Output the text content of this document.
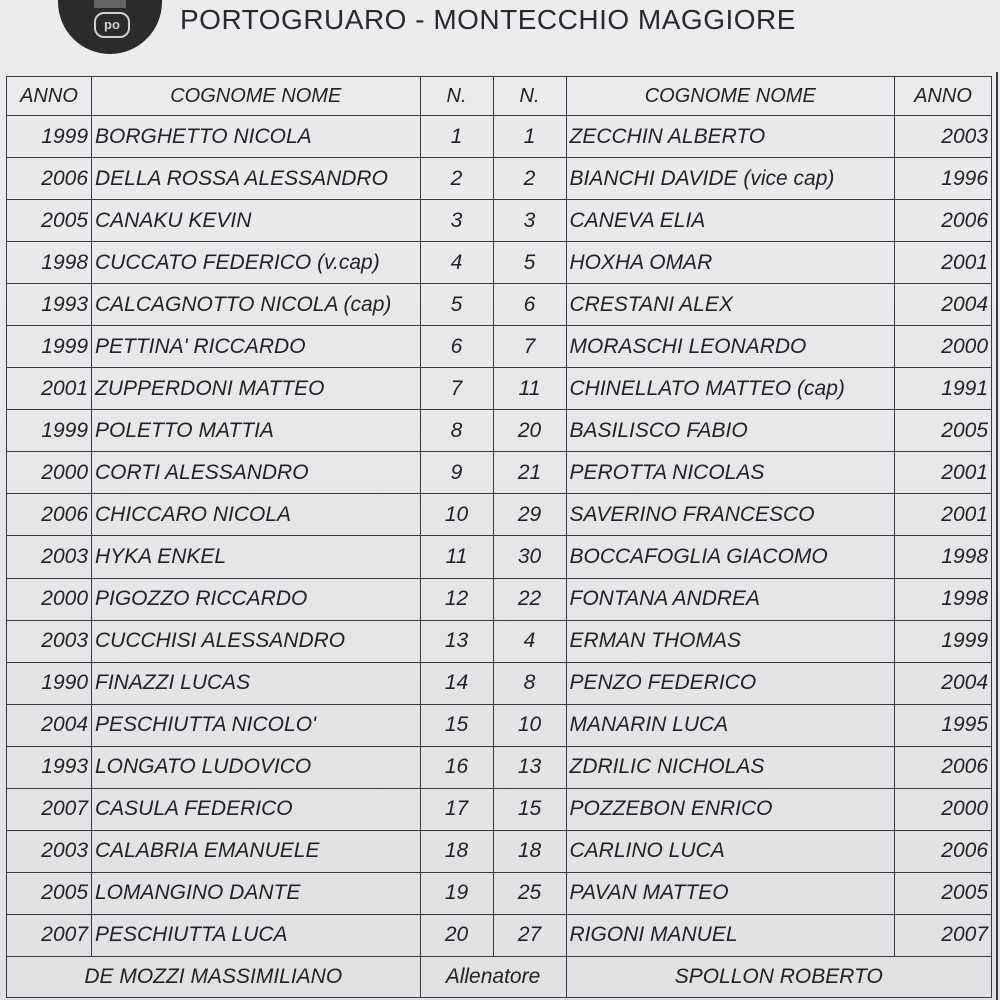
po	PORTOGRUARO - MONTECCHIO MAGGIORE
ANNO	COGNOME NOME	N.	N.	COGNOME NOME	ANNO
1999	BORGHETTO NICOLA	1	1	ZECCHIN ALBERTO	2003
2006	DELLA ROSSA ALESSANDRO	2	2	BIANCHI DAVIDE (vice cap)	1996
2005	CANAKU KEVIN	3	3	CANEVA ELIA	2006
1998	CUCCATO FEDERICO (v.cap)	4	5	HOXHA OMAR	2001
1993	CALCAGNOTTO NICOLA (cap)	5	6	CRESTANI ALEX	2004
1999	PETTINA' RICCARDO	6	7	MORASCHI LEONARDO	2000
2001	ZUPPERDONI MATTEO	7	11	CHINELLATO MATTEO (cap)	1991
1999	POLETTO MATTIA	8	20	BASILISCO FABIO	2005
2000	CORTI ALESSANDRO	9	21	PEROTTA NICOLAS	2001
2006	CHICCARO NICOLA	10	29	SAVERINO FRANCESCO	2001
2003	HYKA ENKEL	11	30	BOCCAFOGLIA GIACOMO	1998
2000	PIGOZZO RICCARDO	12	22	FONTANA ANDREA	1998
2003	CUCCHISI ALESSANDRO	13	4	ERMAN THOMAS	1999
1990	FINAZZI LUCAS	14	8	PENZO FEDERICO	2004
2004	PESCHIUTTA NICOLO'	15	10	MANARIN LUCA	1995
1993	LONGATO LUDOVICO	16	13	ZDRILIC NICHOLAS	2006
2007	CASULA FEDERICO	17	15	POZZEBON ENRICO	2000
2003	CALABRIA EMANUELE	18	18	CARLINO LUCA	2006
2005	LOMANGINO DANTE	19	25	PAVAN MATTEO	2005
2007	PESCHIUTTA LUCA	20	27	RIGONI MANUEL	2007
DE MOZZI MASSIMILIANO		Allenatore		SPOLLON ROBERTO	
